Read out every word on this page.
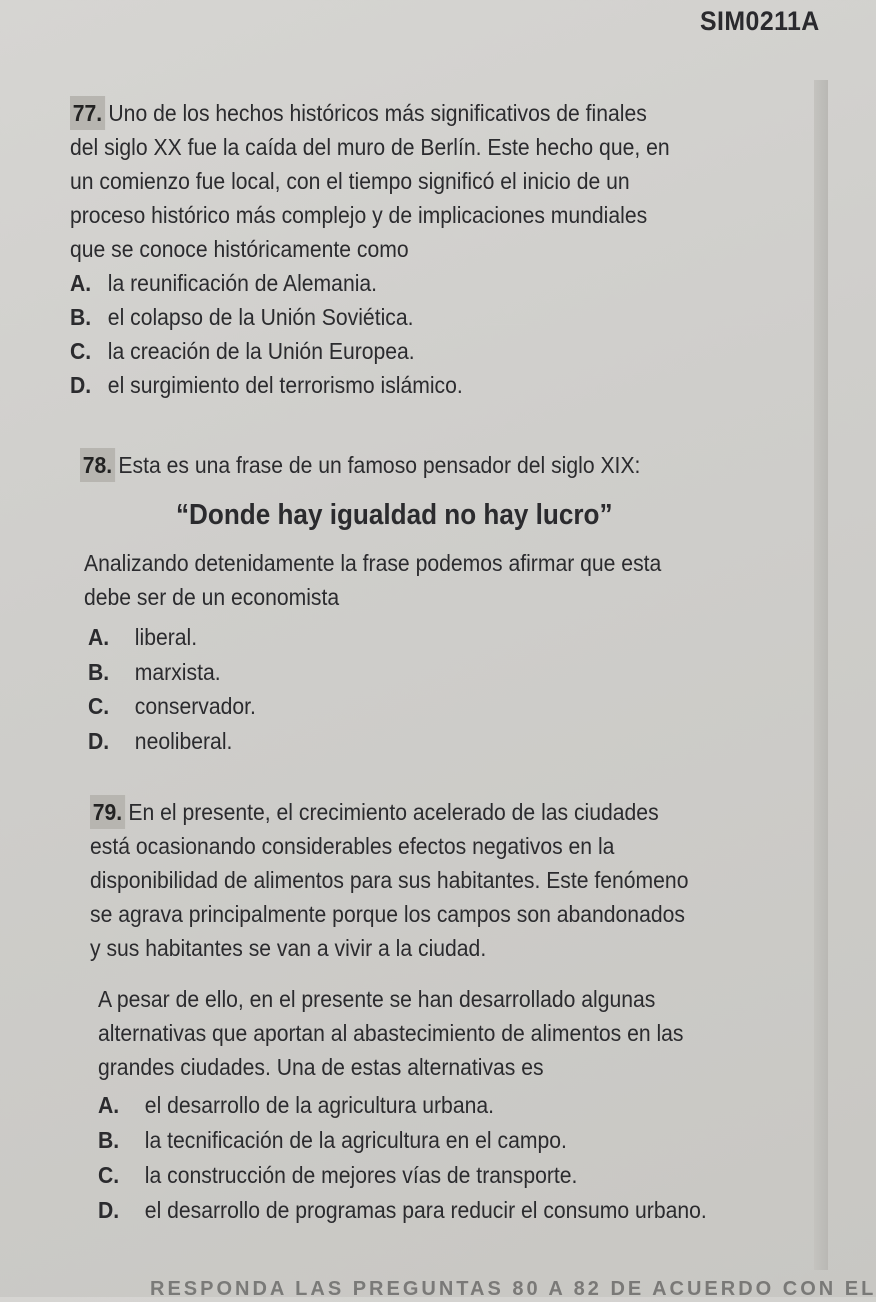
SIM0211A
77. Uno de los hechos históricos más significativos de finales
del siglo XX fue la caída del muro de Berlín. Este hecho que, en
un comienzo fue local, con el tiempo significó el inicio de un
proceso histórico más complejo y de implicaciones mundiales
que se conoce históricamente como
A. la reunificación de Alemania.
B. el colapso de la Unión Soviética.
C. la creación de la Unión Europea.
D. el surgimiento del terrorismo islámico.
78. Esta es una frase de un famoso pensador del siglo XIX:
“Donde hay igualdad no hay lucro”
Analizando detenidamente la frase podemos afirmar que esta
debe ser de un economista
A.	liberal.
B.	marxista.
C.	conservador.
D.	neoliberal.
79. En el presente, el crecimiento acelerado de las ciudades
está ocasionando considerables efectos negativos en la
disponibilidad de alimentos para sus habitantes. Este fenómeno
se agrava principalmente porque los campos son abandonados
y sus habitantes se van a vivir a la ciudad.
A pesar de ello, en el presente se han desarrollado algunas
alternativas que aportan al abastecimiento de alimentos en las
grandes ciudades. Una de estas alternativas es
A.	el desarrollo de la agricultura urbana.
B.	la tecnificación de la agricultura en el campo.
C.	la construcción de mejores vías de transporte.
D.	el desarrollo de programas para reducir el consumo urbano.
RESPONDA LAS PREGUNTAS 80 A 82 DE ACUERDO CON EL
